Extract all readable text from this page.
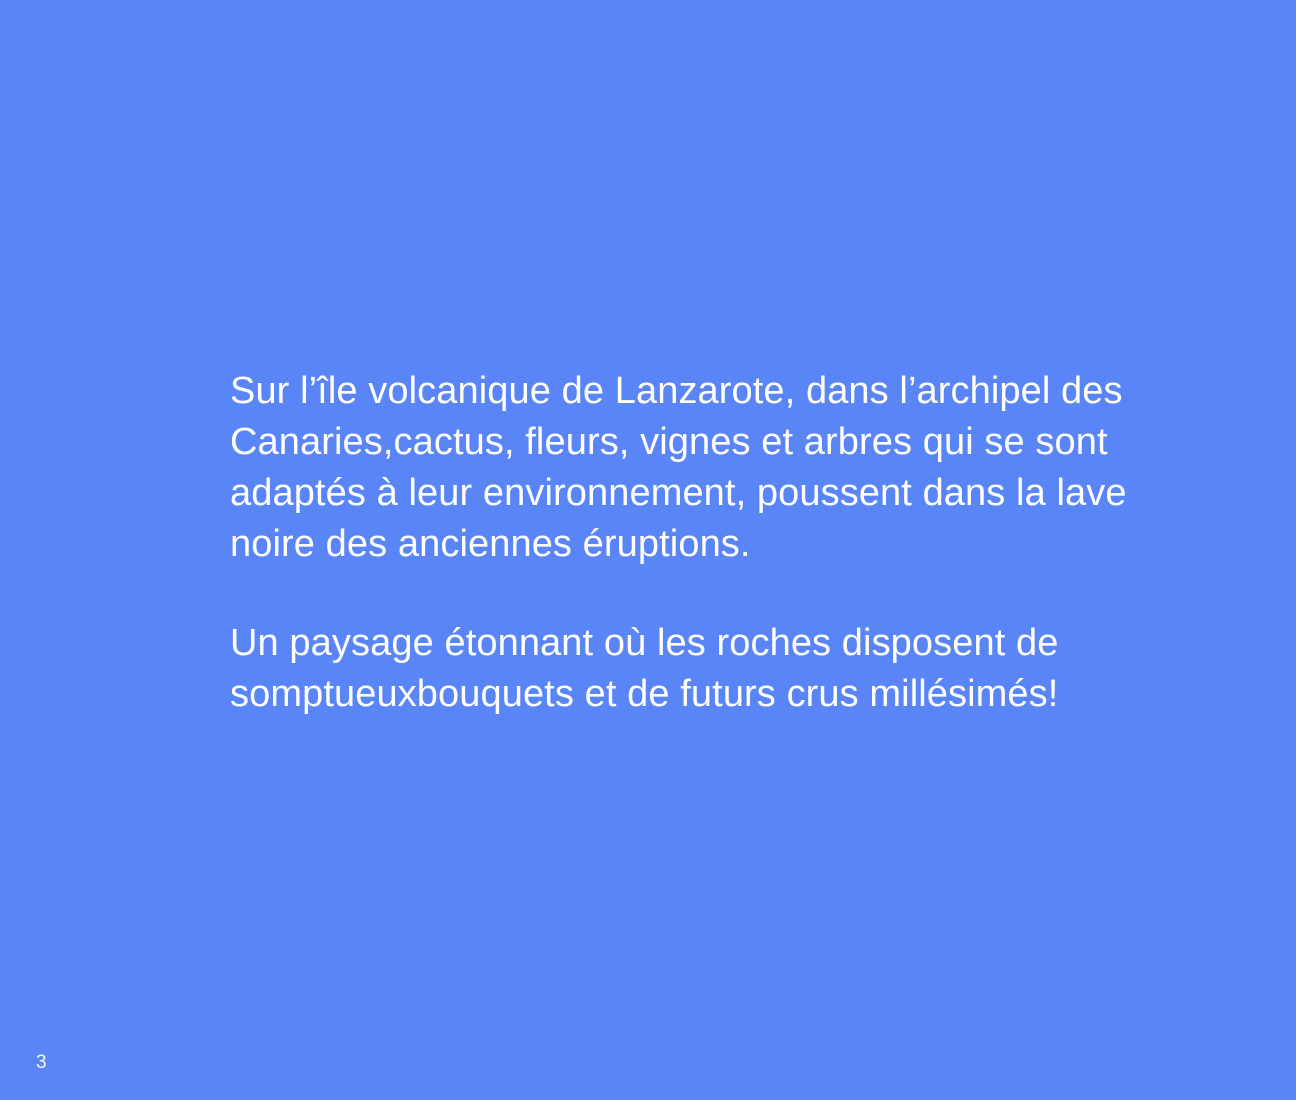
Sur l’île volcanique de Lanzarote, dans l’archipel des Canaries,cactus, fleurs, vignes et arbres qui se sont adaptés à leur environnement, poussent dans la lave noire des anciennes éruptions.

Un paysage étonnant où les roches disposent de somptueuxbouquets et de futurs crus millésimés!

3
